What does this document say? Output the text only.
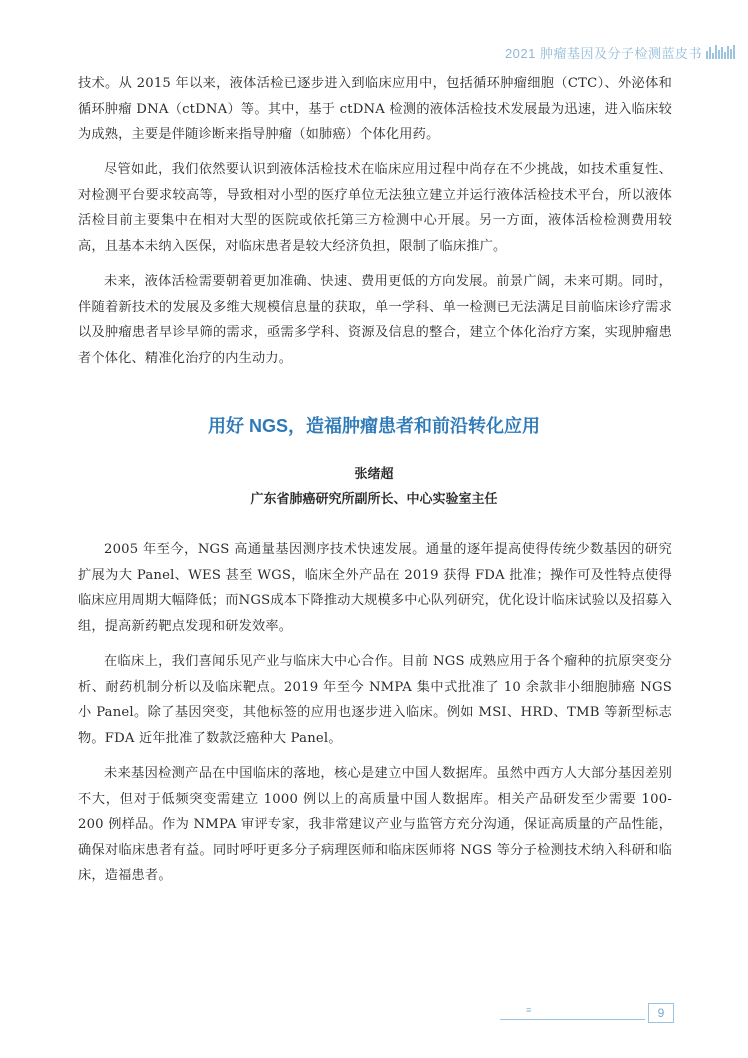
2021 肿瘤基因及分子检测蓝皮书

技术。从 2015 年以来，液体活检已逐步进入到临床应用中，包括循环肿瘤细胞（CTC）、外泌体和循环肿瘤 DNA（ctDNA）等。其中，基于 ctDNA 检测的液体活检技术发展最为迅速，进入临床较为成熟，主要是伴随诊断来指导肿瘤（如肺癌）个体化用药。

尽管如此，我们依然要认识到液体活检技术在临床应用过程中尚存在不少挑战，如技术重复性、对检测平台要求较高等，导致相对小型的医疗单位无法独立建立并运行液体活检技术平台，所以液体活检目前主要集中在相对大型的医院或依托第三方检测中心开展。另一方面，液体活检检测费用较高，且基本未纳入医保，对临床患者是较大经济负担，限制了临床推广。

未来，液体活检需要朝着更加准确、快速、费用更低的方向发展。前景广阔，未来可期。同时，伴随着新技术的发展及多维大规模信息量的获取，单一学科、单一检测已无法满足目前临床诊疗需求以及肿瘤患者早诊早筛的需求，亟需多学科、资源及信息的整合，建立个体化治疗方案，实现肿瘤患者个体化、精准化治疗的内生动力。

用好 NGS，造福肿瘤患者和前沿转化应用
张绪超
广东省肺癌研究所副所长、中心实验室主任

2005 年至今，NGS 高通量基因测序技术快速发展。通量的逐年提高使得传统少数基因的研究扩展为大 Panel、WES 甚至 WGS，临床全外产品在 2019 获得 FDA 批准；操作可及性特点使得临床应用周期大幅降低；而NGS成本下降推动大规模多中心队列研究，优化设计临床试验以及招募入组，提高新药靶点发现和研发效率。

在临床上，我们喜闻乐见产业与临床大中心合作。目前 NGS 成熟应用于各个瘤种的抗原突变分析、耐药机制分析以及临床靶点。2019 年至今 NMPA 集中式批准了 10 余款非小细胞肺癌 NGS 小 Panel。除了基因突变，其他标签的应用也逐步进入临床。例如 MSI、HRD、TMB 等新型标志物。FDA 近年批准了数款泛癌种大 Panel。

未来基因检测产品在中国临床的落地，核心是建立中国人数据库。虽然中西方人大部分基因差别不大，但对于低频突变需建立 1000 例以上的高质量中国人数据库。相关产品研发至少需要 100-200 例样品。作为 NMPA 审评专家，我非常建议产业与监管方充分沟通，保证高质量的产品性能，确保对临床患者有益。同时呼吁更多分子病理医师和临床医师将 NGS 等分子检测技术纳入科研和临床，造福患者。

≡	9
